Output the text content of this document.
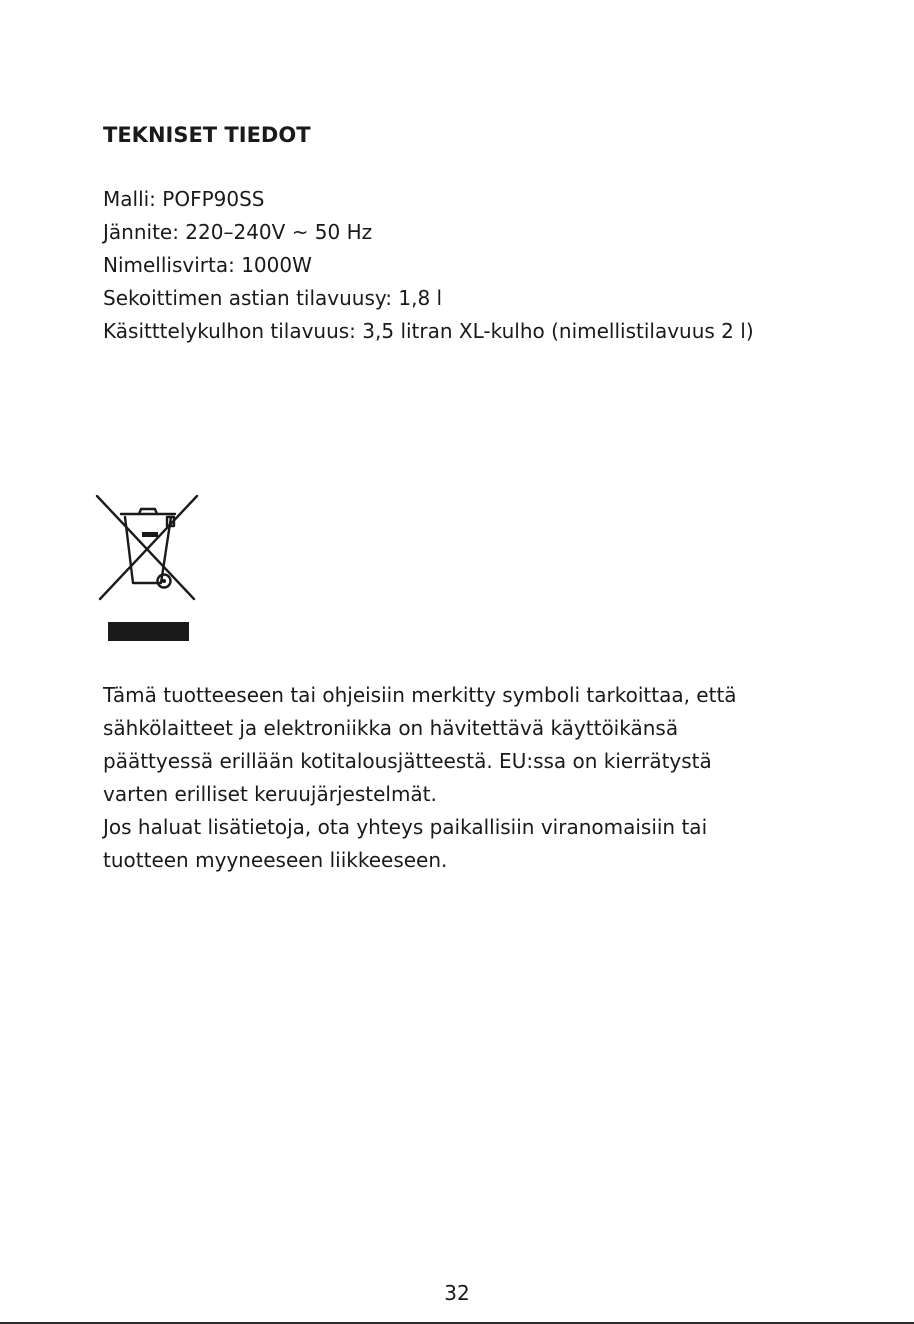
TEKNISET TIEDOT
Malli: POFP90SS
Jännite: 220–240V ~ 50 Hz
Nimellisvirta: 1000W
Sekoittimen astian tilavuusy: 1,8 l
Käsitttelykulhon tilavuus: 3,5 litran XL-kulho (nimellistilavuus 2 l)

Tämä tuotteeseen tai ohjeisiin merkitty symboli tarkoittaa, että
sähkölaitteet ja elektroniikka on hävitettävä käyttöikänsä
päättyessä erillään kotitalousjätteestä. EU:ssa on kierrätystä
varten erilliset keruujärjestelmät.

Jos haluat lisätietoja, ota yhteys paikallisiin viranomaisiin tai
tuotteen myyneeseen liikkeeseen.

32
